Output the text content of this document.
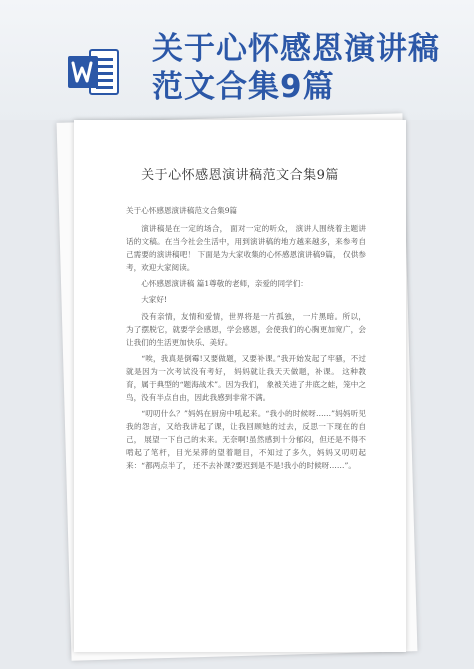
关于心怀感恩演讲稿范文合集9篇
关于心怀感恩演讲稿范文合集9篇

关于心怀感恩演讲稿范文合集9篇

演讲稿是在一定的场合， 面对一定的听众， 演讲人围绕着主题讲话的文稿。在当今社会生活中，用到演讲稿的地方越来越多，来参考自己需要的演讲稿吧！ 下面是为大家收集的心怀感恩演讲稿9篇， 仅供参考，欢迎大家阅读。

心怀感恩演讲稿 篇1尊敬的老师，亲爱的同学们：

大家好!

没有亲情，友情和爱情，世界将是一片孤独， 一片黑暗。所以， 为了摆脱它，就要学会感恩，学会感恩，会使我们的心胸更加宽广，会让我们的生活更加快乐、美好。

“唉，我真是倒霉!又要做题，又要补课。”我开始发起了牢骚，不过就是因为一次考试没有考好， 妈妈就让我天天做题，补课。 这种教育，属于典型的“题海战术”。因为我们， 象被关进了井底之蛙，笼中之鸟，没有半点自由，因此我感到非常不满。

“叨叨什么？”妈妈在厨房中吼起来。“我小的时候呀……”妈妈听见我的怨言，又给我讲起了课，让我回顾她的过去，反思一下现在的自己， 展望一下自己的未来。无奈啊!虽然感到十分郁闷，但还是不得不啃起了笔杆，目光呆滞的望着题目，不知过了多久，妈妈又叨叨起来：“都两点半了， 还不去补课?要迟到是不是!我小的时候呀……”。
